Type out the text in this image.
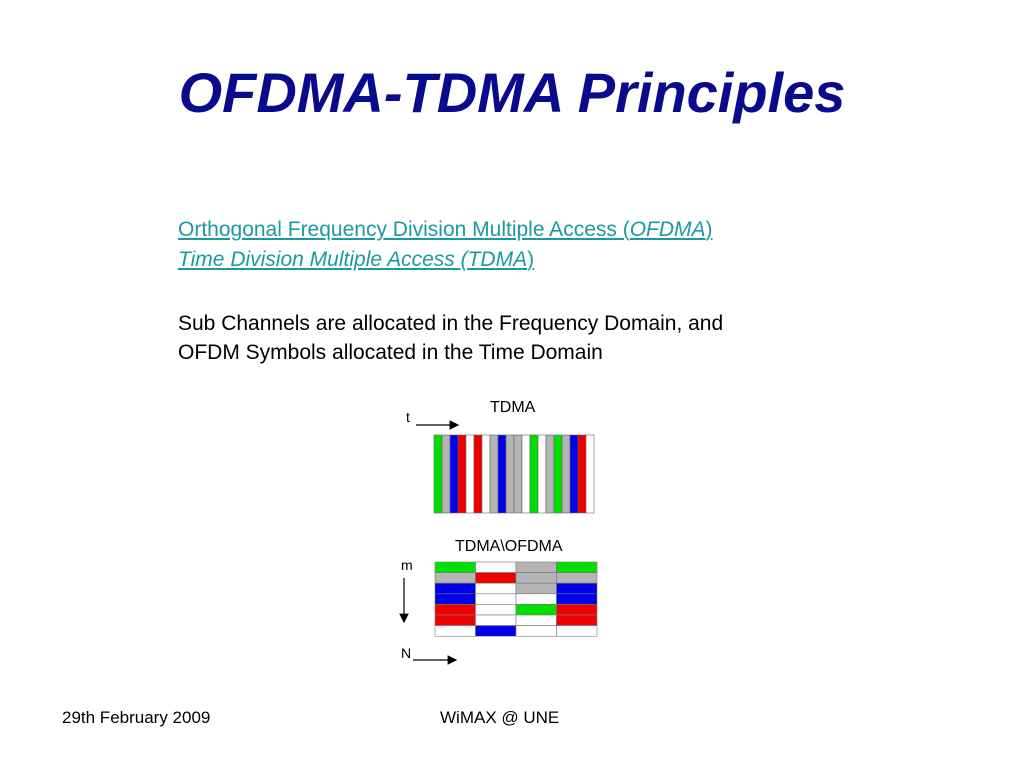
OFDMA-TDMA Principles
Orthogonal Frequency Division Multiple Access (OFDMA)
Time Division Multiple Access (TDMA)
Sub Channels are allocated in the Frequency Domain, and
OFDM Symbols allocated in the Time Domain
TDMA
t
TDMA\OFDMA
m
N
29th February 2009	WiMAX @ UNE
